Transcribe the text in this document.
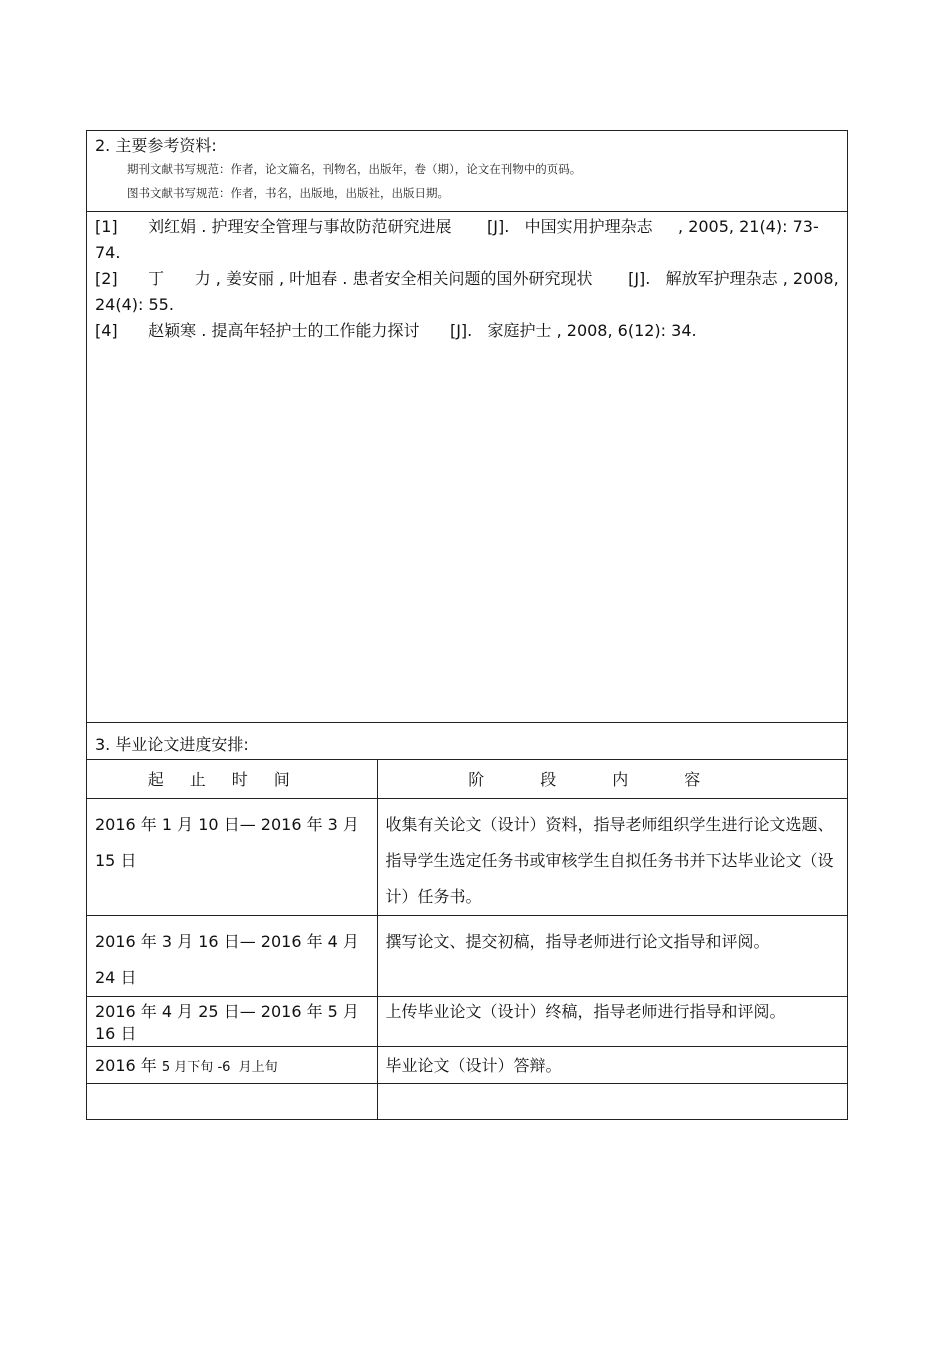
2. 主要参考资料:
期刊文献书写规范：作者，论文篇名，刊物名，出版年，卷（期），论文在刊物中的页码。
图书文献书写规范：作者，书名，出版地，出版社，出版日期。

[1]      刘红娟 . 护理安全管理与事故防范研究进展       [J].   中国实用护理杂志     , 2005, 21(4): 73-74.

[2]      丁      力 , 姜安丽 , 叶旭春 . 患者安全相关问题的国外研究现状       [J].   解放军护理杂志 , 2008, 24(4): 55.

[4]      赵颖寒 . 提高年轻护士的工作能力探讨      [J].   家庭护士 , 2008, 6(12): 34.

3. 毕业论文进度安排:
起止时间	阶段内容
2016 年 1 月 10 日— 2016 年 3 月 15 日	收集有关论文（设计）资料，指导老师组织学生进行论文选题、指导学生选定任务书或审核学生自拟任务书并下达毕业论文（设计）任务书。
2016 年 3 月 16 日— 2016 年 4 月 24 日	撰写论文、提交初稿，指导老师进行论文指导和评阅。
2016 年 4 月 25 日— 2016 年 5 月 16 日	上传毕业论文（设计）终稿，指导老师进行指导和评阅。
2016 年 5 月下旬 -6  月上旬	毕业论文（设计）答辩。
